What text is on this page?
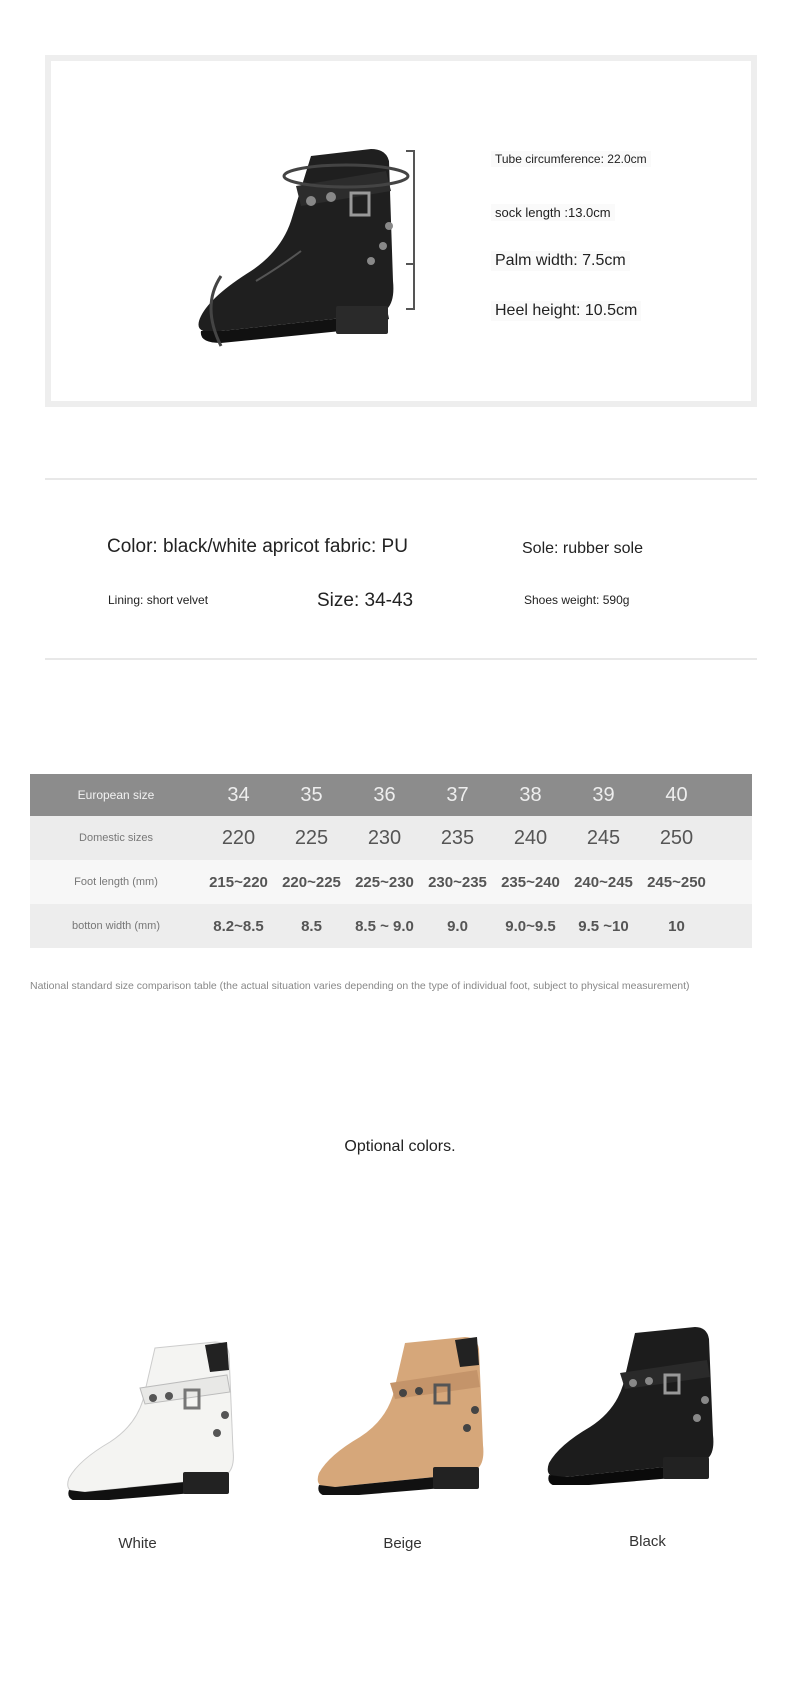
Tube circumference: 22.0cm
sock length :13.0cm
Palm width: 7.5cm
Heel height: 10.5cm
Color: black/white apricot fabric: PU	Sole: rubber sole
Lining: short velvet	Size: 34-43	Shoes weight: 590g
European size	34	35	36	37	38	39	40
Domestic sizes	220	225	230	235	240	245	250
Foot length (mm)	215~220 220~225 225~230 230~235 235~240 240~245 245~250
botton width (mm)	8.2~8.5	8.5	8.5 ~ 9.0	9.0	9.0~9.5	9.5 ~10	10
National standard size comparison table (the actual situation varies depending on the type of individual foot, subject to physical measurement)
Optional colors.
White	Beige	Black
